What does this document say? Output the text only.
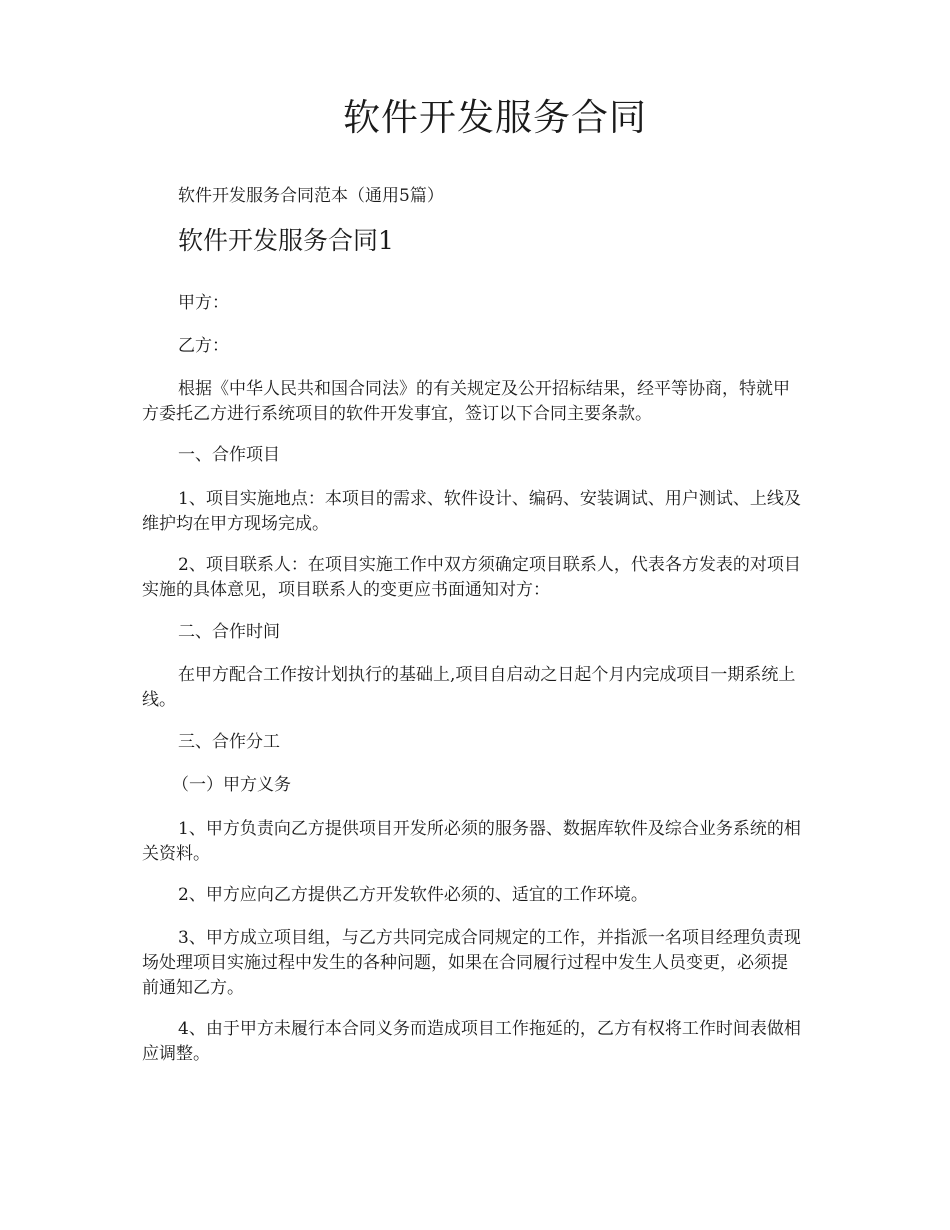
软件开发服务合同

软件开发服务合同范本（通用5篇）

软件开发服务合同1

甲方：

乙方：

根据《中华人民共和国合同法》的有关规定及公开招标结果，经平等协商，特就甲方委托乙方进行系统项目的软件开发事宜，签订以下合同主要条款。

一、合作项目

1、项目实施地点：本项目的需求、软件设计、编码、安装调试、用户测试、上线及维护均在甲方现场完成。

2、项目联系人：在项目实施工作中双方须确定项目联系人，代表各方发表的对项目实施的具体意见，项目联系人的变更应书面通知对方：

二、合作时间

在甲方配合工作按计划执行的基础上,项目自启动之日起个月内完成项目一期系统上线。

三、合作分工

（一）甲方义务

1、甲方负责向乙方提供项目开发所必须的服务器、数据库软件及综合业务系统的相关资料。

2、甲方应向乙方提供乙方开发软件必须的、适宜的工作环境。

3、甲方成立项目组，与乙方共同完成合同规定的工作，并指派一名项目经理负责现场处理项目实施过程中发生的各种问题，如果在合同履行过程中发生人员变更，必须提前通知乙方。

4、由于甲方未履行本合同义务而造成项目工作拖延的，乙方有权将工作时间表做相应调整。
